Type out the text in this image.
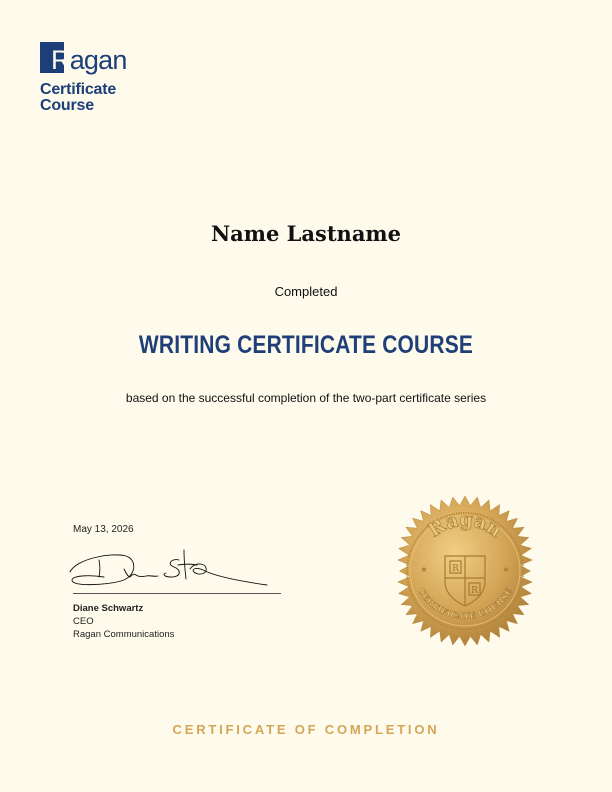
Ragan
Certificate
Course
Name Lastname
Completed
WRITING CERTIFICATE COURSE
based on the successful completion of the two-part certificate series
May 13, 2026
Diane Schwartz
CEO
Ragan Communications
Ragan
CERTIFICATE COURSE
R
R
★	★
CERTIFICATE OF COMPLETION
